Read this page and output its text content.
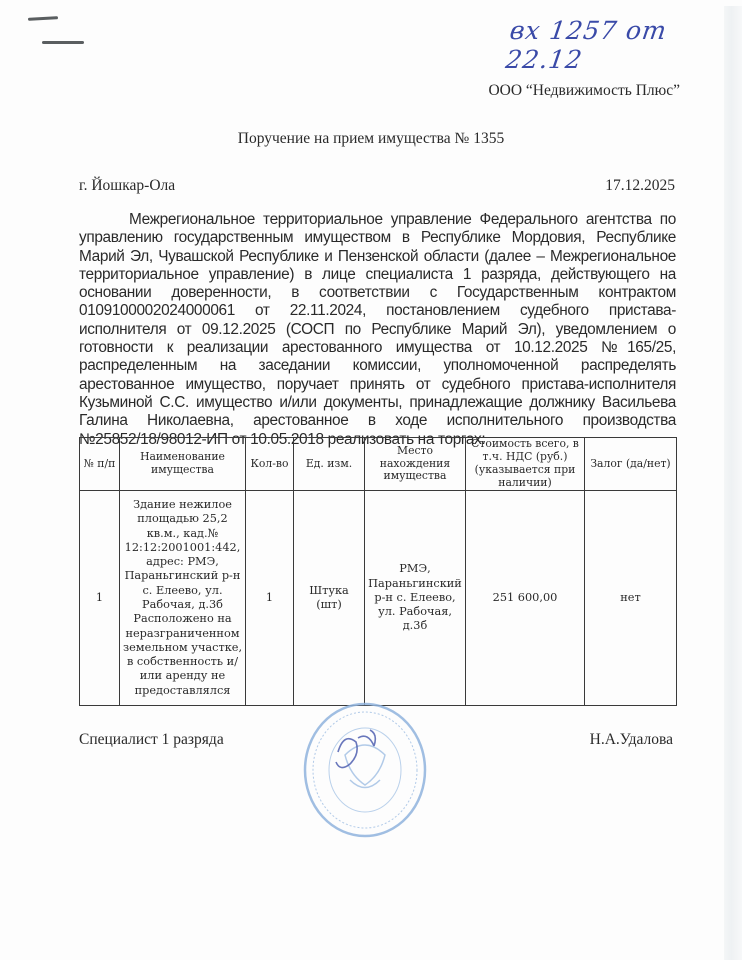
вх 1257 от 22.12
ООО “Недвижимость Плюс”
Поручение на прием имущества № 1355
г. Йошкар-Ола	17.12.2025
Межрегиональное территориальное управление Федерального агентства по управлению государственным имуществом в Республике Мордовия, Республике Марий Эл, Чувашской Республике и Пензенской области (далее – Межрегиональное территориальное управление) в лице специалиста 1 разряда, действующего на основании доверенности, в соответствии с Государственным контрактом 0109100002024000061 от 22.11.2024, постановлением судебного пристава-исполнителя от 09.12.2025 (СОСП по Республике Марий Эл), уведомлением о готовности к реализации арестованного имущества от 10.12.2025 №165/25, распределенным на заседании комиссии, уполномоченной распределять арестованное имущество, поручает принять от судебного пристава-исполнителя Кузьминой С.С. имущество и/или документы, принадлежащие должнику Васильева Галина Николаевна, арестованное в ходе исполнительного производства №25852/18/98012-ИП от 10.05.2018 реализовать на торгах:
№ п/п	Наименование имущества	Кол-во	Ед. изм.	Место нахождения имущества	Стоимость всего, в т.ч. НДС (руб.) (указывается при наличии)	Залог (да/нет)
1	Здание нежилое площадью 25,2 кв.м., кад.№ 12:12:2001001:442, адрес: РМЭ, Параньгинский р-н с. Елеево, ул. Рабочая, д.3б Расположено на неразграниченном земельном участке, в собственность и/или аренду не предоставлялся	1	Штука (шт)	РМЭ, Параньгинский р-н с. Елеево, ул. Рабочая, д.3б	251 600,00	нет
Специалист 1 разряда	Н.А.Удалова
